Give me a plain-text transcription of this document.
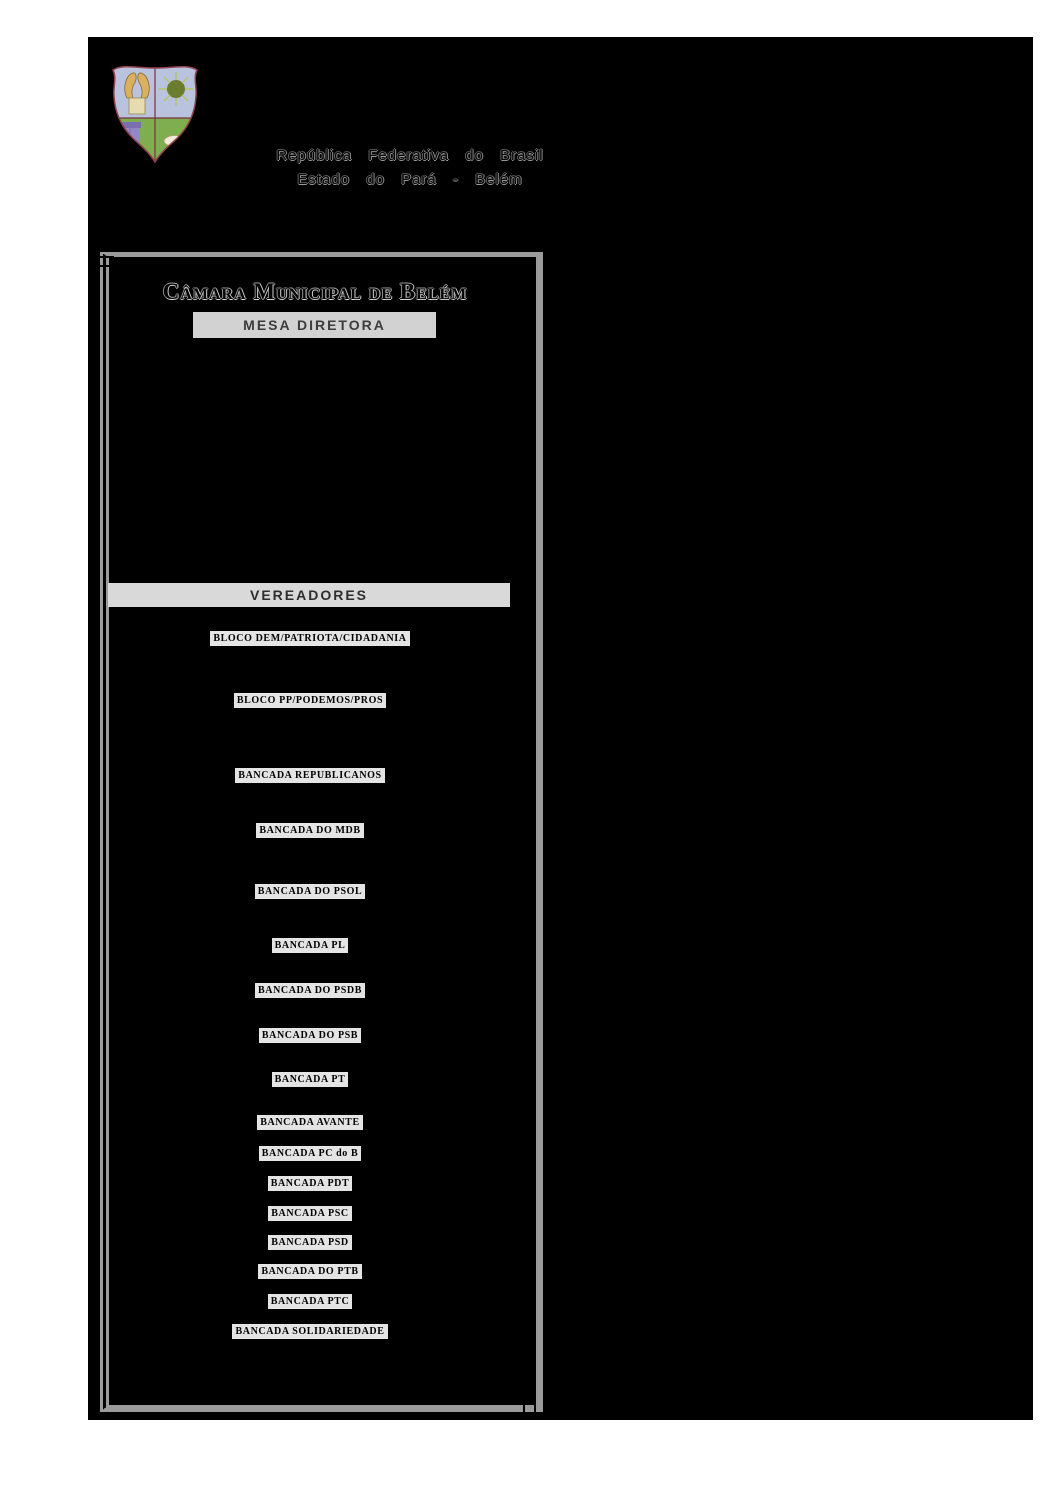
República Federativa do Brasil
Estado do Pará - Belém
Câmara Municipal de Belém
MESA DIRETORA
VEREADORES
BLOCO DEM/PATRIOTA/CIDADANIA
BLOCO PP/PODEMOS/PROS
BANCADA REPUBLICANOS
BANCADA DO MDB
BANCADA DO PSOL
BANCADA PL
BANCADA DO PSDB
BANCADA DO PSB
BANCADA PT
BANCADA AVANTE
BANCADA PC do B
BANCADA PDT
BANCADA PSC
BANCADA PSD
BANCADA DO PTB
BANCADA PTC
BANCADA SOLIDARIEDADE
